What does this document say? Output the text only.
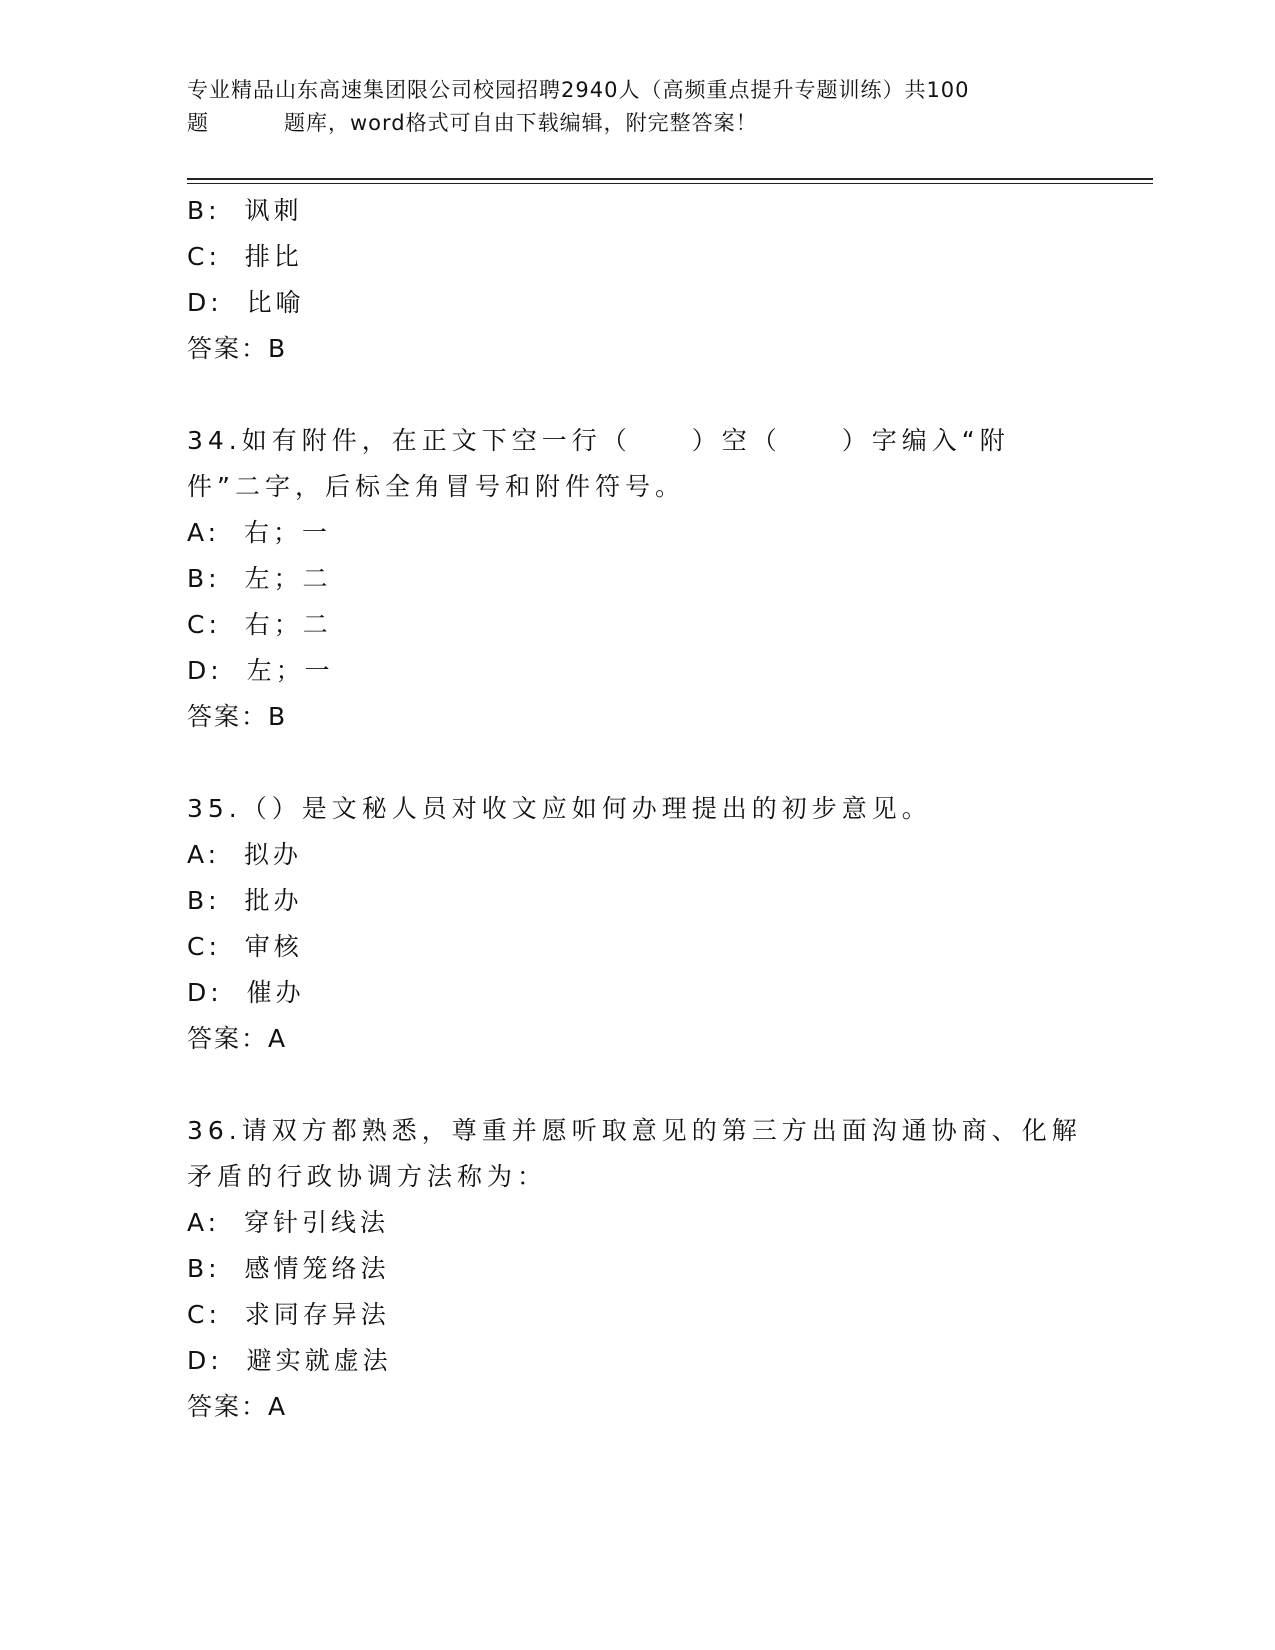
专业精品山东高速集团限公司校园招聘2940人（高频重点提升专题训练）共100
题	题库，word格式可自由下载编辑，附完整答案！
B:  讽刺
C:  排比
D:  比喻
答案：B
34.如有附件，在正文下空一行（　　）空（　　）字编入“附件”二字，后标全角冒号和附件符号。
A:  右；一
B:  左；二
C:  右；二
D:  左；一
答案：B
35.（）是文秘人员对收文应如何办理提出的初步意见。
A:  拟办
B:  批办
C:  审核
D:  催办
答案：A
36.请双方都熟悉，尊重并愿听取意见的第三方出面沟通协商、化解矛盾的行政协调方法称为：
A:  穿针引线法
B:  感情笼络法
C:  求同存异法
D:  避实就虚法
答案：A
